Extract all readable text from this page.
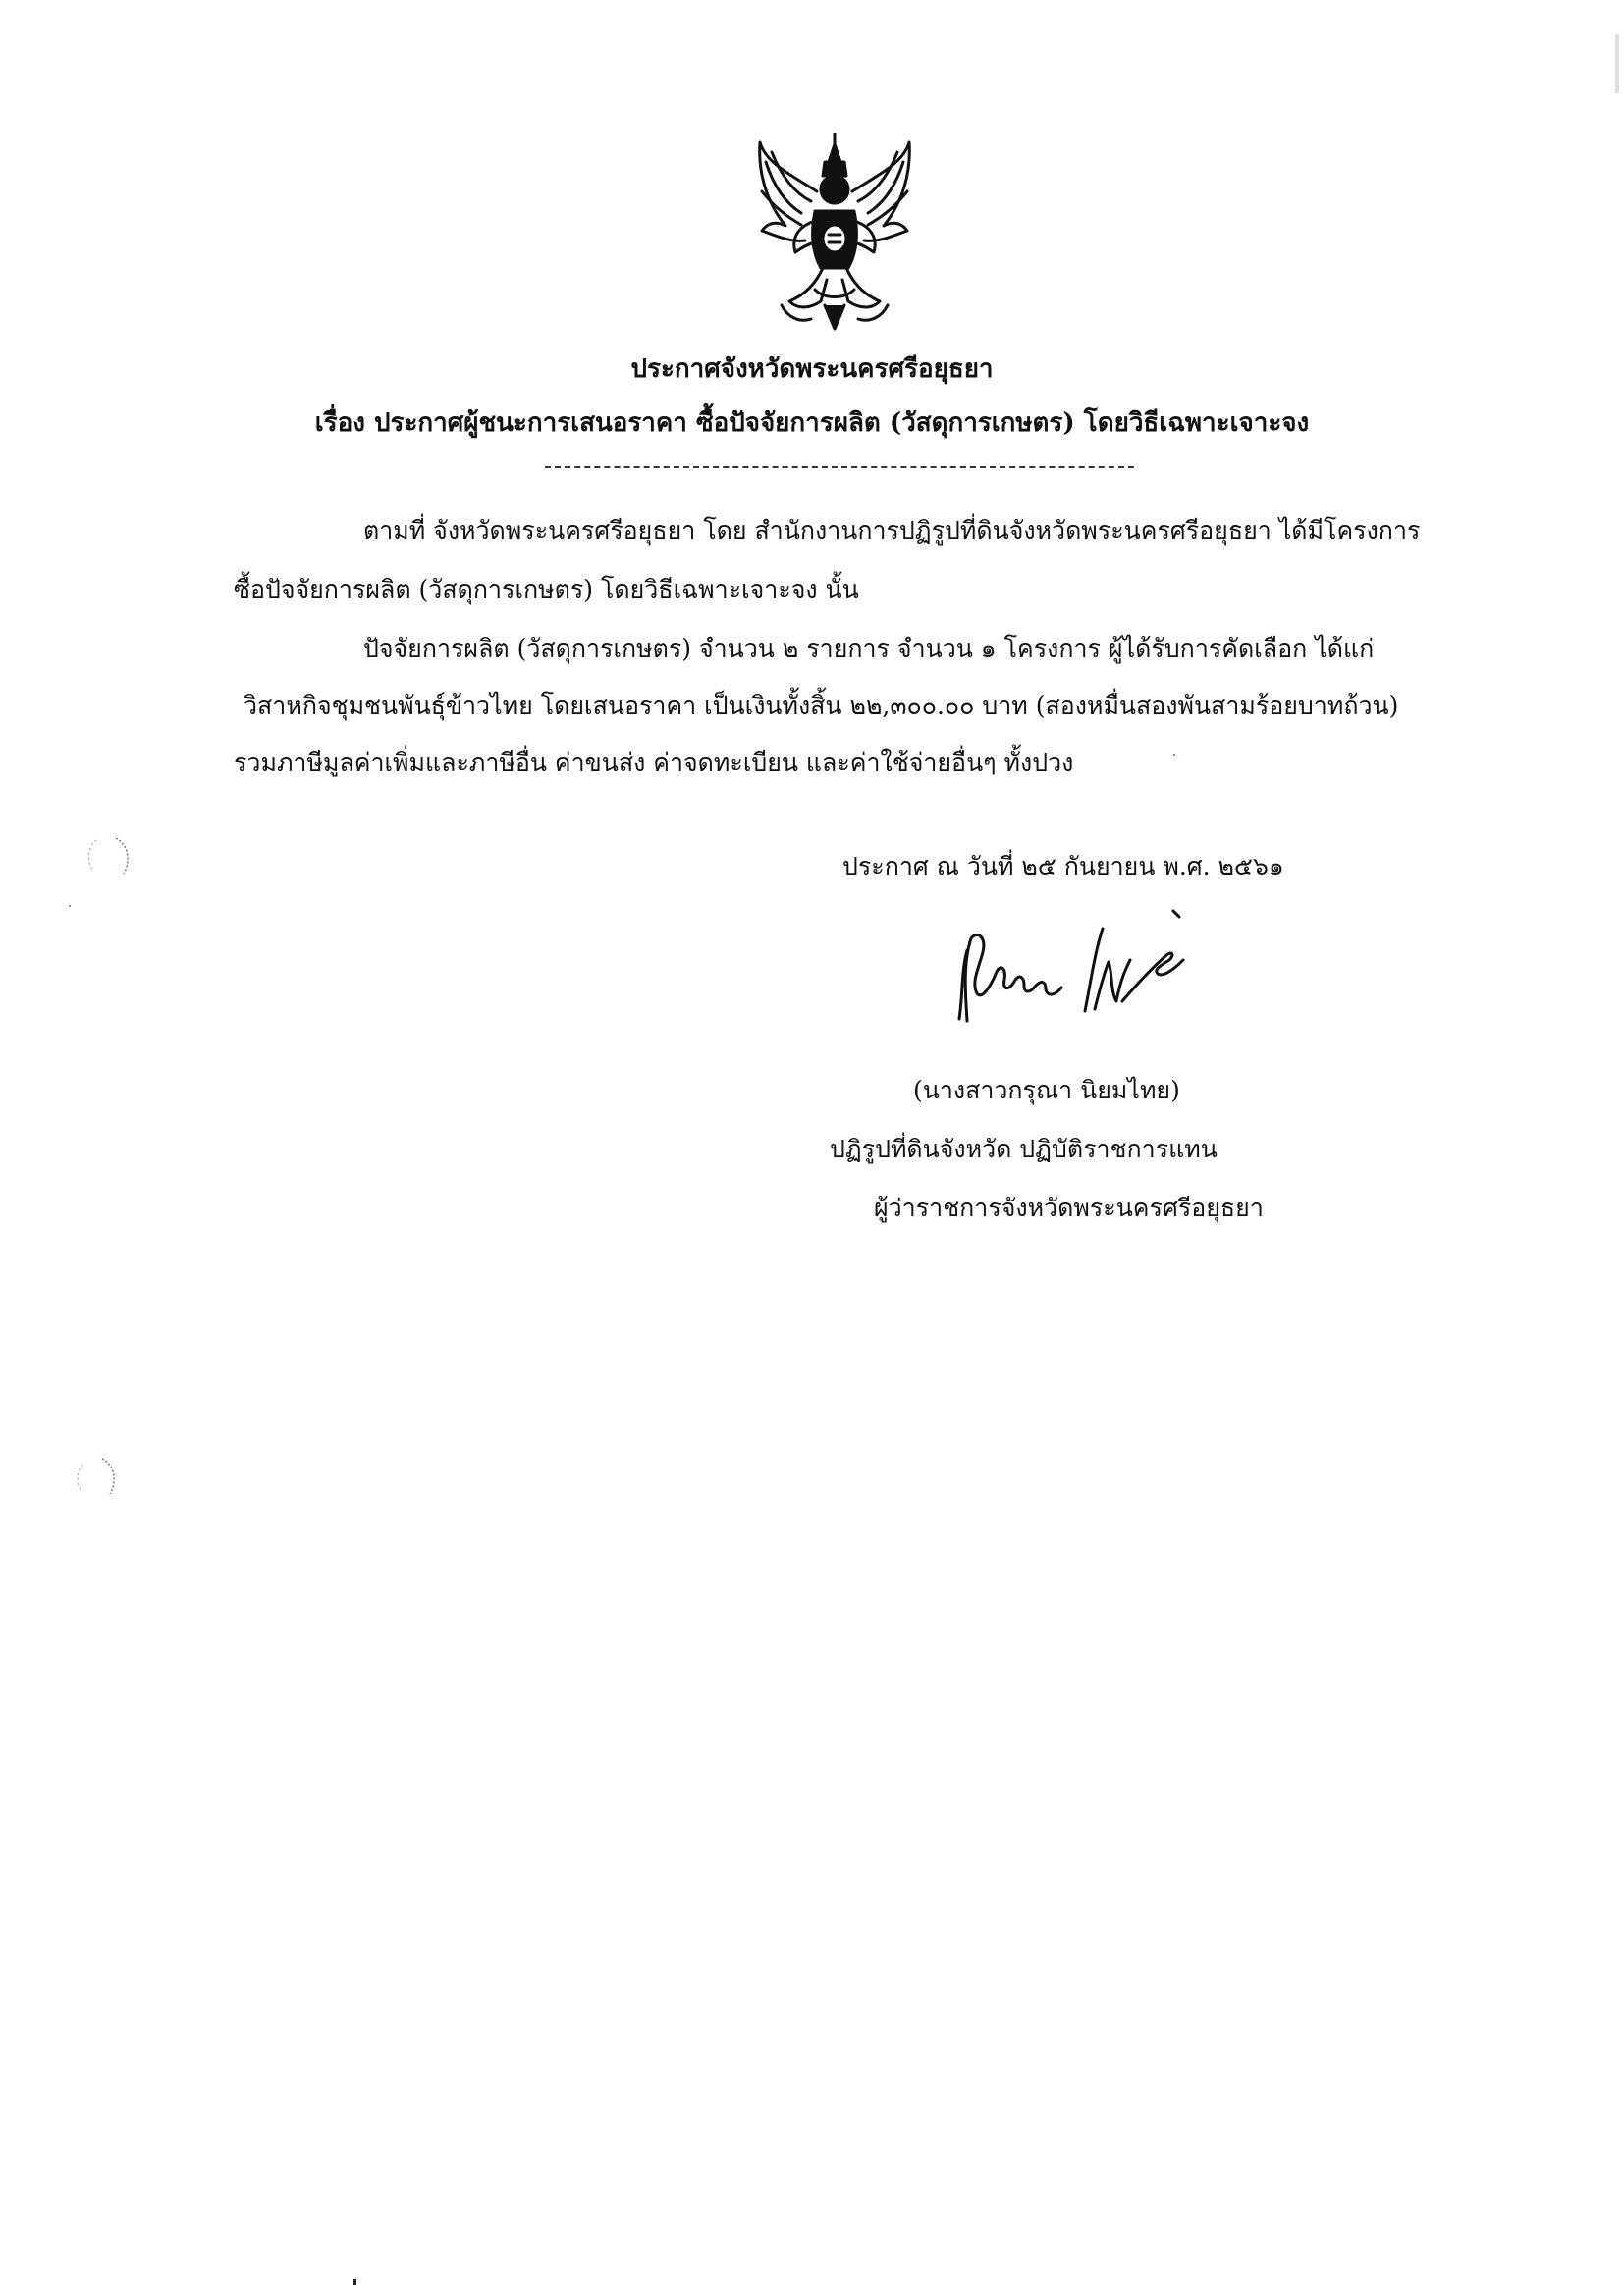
ประกาศจังหวัดพระนครศรีอยุธยา
เรื่อง ประกาศผู้ชนะการเสนอราคา ซื้อปัจจัยการผลิต (วัสดุการเกษตร) โดยวิธีเฉพาะเจาะจง
ตามที่ จังหวัดพระนครศรีอยุธยา โดย สำนักงานการปฏิรูปที่ดินจังหวัดพระนครศรีอยุธยา ได้มีโครงการ
ซื้อปัจจัยการผลิต (วัสดุการเกษตร) โดยวิธีเฉพาะเจาะจง นั้น
ปัจจัยการผลิต (วัสดุการเกษตร) จำนวน ๒ รายการ จำนวน ๑ โครงการ ผู้ได้รับการคัดเลือก ได้แก่
วิสาหกิจชุมชนพันธุ์ข้าวไทย โดยเสนอราคา เป็นเงินทั้งสิ้น ๒๒,๓๐๐.๐๐ บาท (สองหมื่นสองพันสามร้อยบาทถ้วน)
รวมภาษีมูลค่าเพิ่มและภาษีอื่น ค่าขนส่ง ค่าจดทะเบียน และค่าใช้จ่ายอื่นๆ ทั้งปวง
ประกาศ ณ วันที่ ๒๕ กันยายน พ.ศ. ๒๕๖๑
(นางสาวกรุณา นิยมไทย)
ปฏิรูปที่ดินจังหวัด ปฏิบัติราชการแทน
ผู้ว่าราชการจังหวัดพระนครศรีอยุธยา
